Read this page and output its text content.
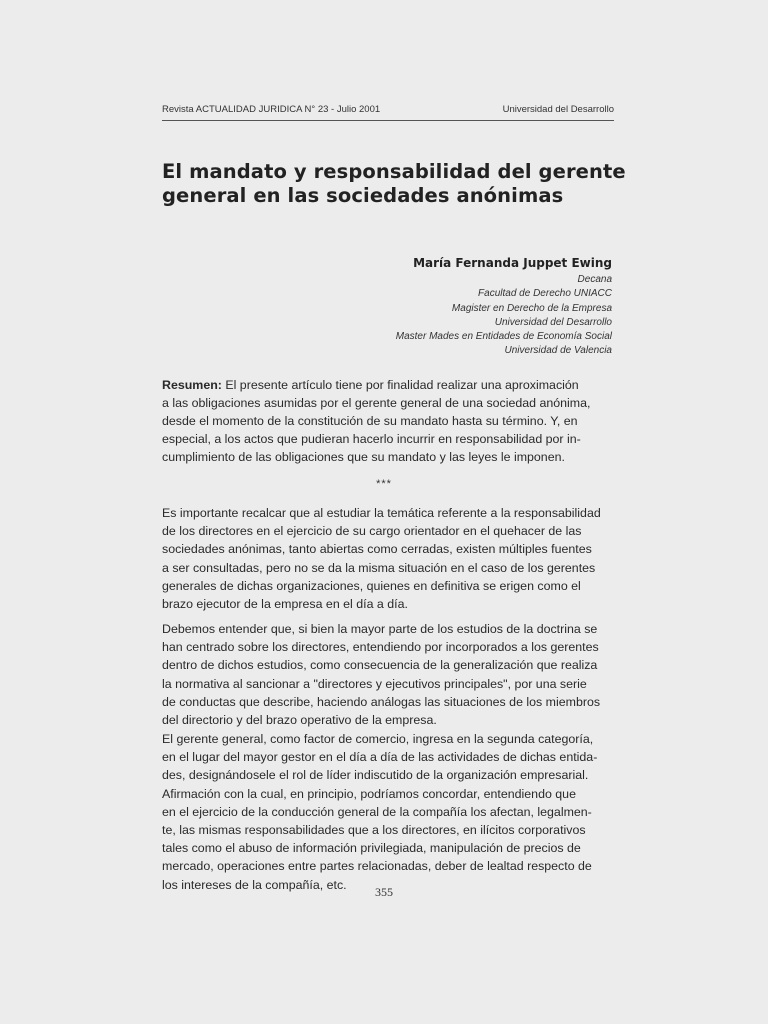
Revista ACTUALIDAD JURIDICA N° 23 - Julio 2001	Universidad del Desarrollo
El mandato y responsabilidad del gerente
general en las sociedades anónimas
María Fernanda Juppet Ewing

Decana

Facultad de Derecho UNIACC

Magister en Derecho de la Empresa

Universidad del Desarrollo

Master Mades en Entidades de Economía Social

Universidad de Valencia

Resumen: El presente artículo tiene por finalidad realizar una aproximación
a las obligaciones asumidas por el gerente general de una sociedad anónima,
desde el momento de la constitución de su mandato hasta su término. Y, en
especial, a los actos que pudieran hacerlo incurrir en responsabilidad por in-
cumplimiento de las obligaciones que su mandato y las leyes le imponen.

***

Es importante recalcar que al estudiar la temática referente a la responsabilidad
de los directores en el ejercicio de su cargo orientador en el quehacer de las
sociedades anónimas, tanto abiertas como cerradas, existen múltiples fuentes
a ser consultadas, pero no se da la misma situación en el caso de los gerentes
generales de dichas organizaciones, quienes en definitiva se erigen como el
brazo ejecutor de la empresa en el día a día.

Debemos entender que, si bien la mayor parte de los estudios de la doctrina se
han centrado sobre los directores, entendiendo por incorporados a los gerentes
dentro de dichos estudios, como consecuencia de la generalización que realiza
la normativa al sancionar a "directores y ejecutivos principales", por una serie
de conductas que describe, haciendo análogas las situaciones de los miembros
del directorio y del brazo operativo de la empresa.

El gerente general, como factor de comercio, ingresa en la segunda categoría,
en el lugar del mayor gestor en el día a día de las actividades de dichas entida-
des, designándosele el rol de líder indiscutido de la organización empresarial.
Afirmación con la cual, en principio, podríamos concordar, entendiendo que
en el ejercicio de la conducción general de la compañía los afectan, legalmen-
te, las mismas responsabilidades que a los directores, en ilícitos corporativos
tales como el abuso de información privilegiada, manipulación de precios de
mercado, operaciones entre partes relacionadas, deber de lealtad respecto de
los intereses de la compañía, etc.

355
